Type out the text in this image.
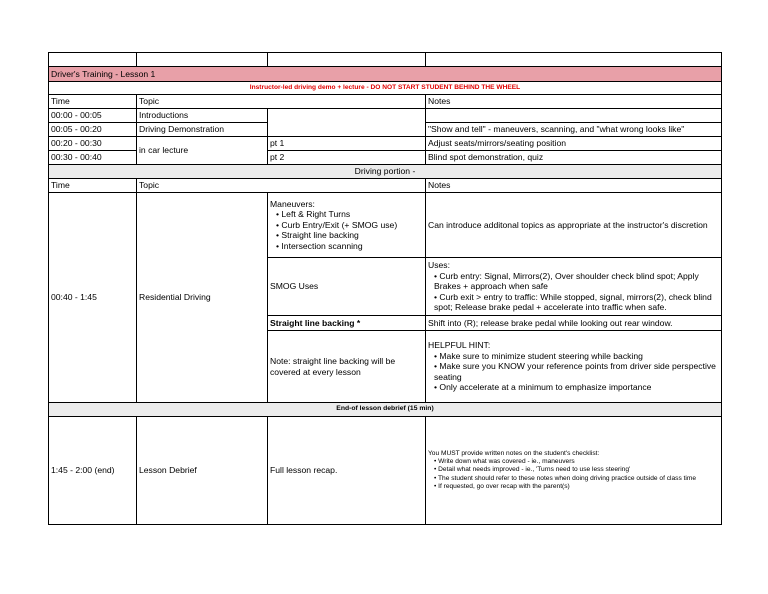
Driver's Training - Lesson 1			
Instructor-led driving demo + lecture - DO NOT START STUDENT BEHIND THE WHEEL			
Time	Topic		Notes
00:00 - 00:05	Introductions		
00:05 - 00:20	Driving Demonstration		"Show and tell" - maneuvers, scanning, and "what wrong looks like"
00:20 - 00:30	in car lecture	pt 1	Adjust seats/mirrors/seating position
00:30 - 00:40		pt 2	Blind spot demonstration, quiz
Driving portion -			
Time	Topic		Notes
00:40 - 1:45	Residential Driving	Maneuvers:
• Left & Right Turns
• Curb Entry/Exit (+ SMOG use)
• Straight line backing
• Intersection scanning	Can introduce additonal topics as appropriate at the instructor's discretion
		SMOG Uses	Uses:
• Curb entry: Signal, Mirrors(2), Over shoulder check blind spot; Apply Brakes + approach when safe
• Curb exit > entry to traffic: While stopped, signal, mirrors(2), check blind spot; Release brake pedal + accelerate into traffic when safe.

		Straight line backing *	Shift into (R); release brake pedal while looking out rear window.
		Note: straight line backing will be covered at every lesson	HELPFUL HINT:
• Make sure to minimize student steering while backing
• Make sure you KNOW your reference points from driver side perspective seating
• Only accelerate at a minimum to emphasize importance

End-of lesson debrief (15 min)			
1:45 - 2:00 (end)	Lesson Debrief	Full lesson recap.	You MUST provide written notes on the student's checklist:
• Write down what was covered - ie., maneuvers
• Detail what needs improved - ie., 'Turns need to use less steering'
• The student should refer to these notes when doing driving practice outside of class time
• If requested, go over recap with the parent(s)
